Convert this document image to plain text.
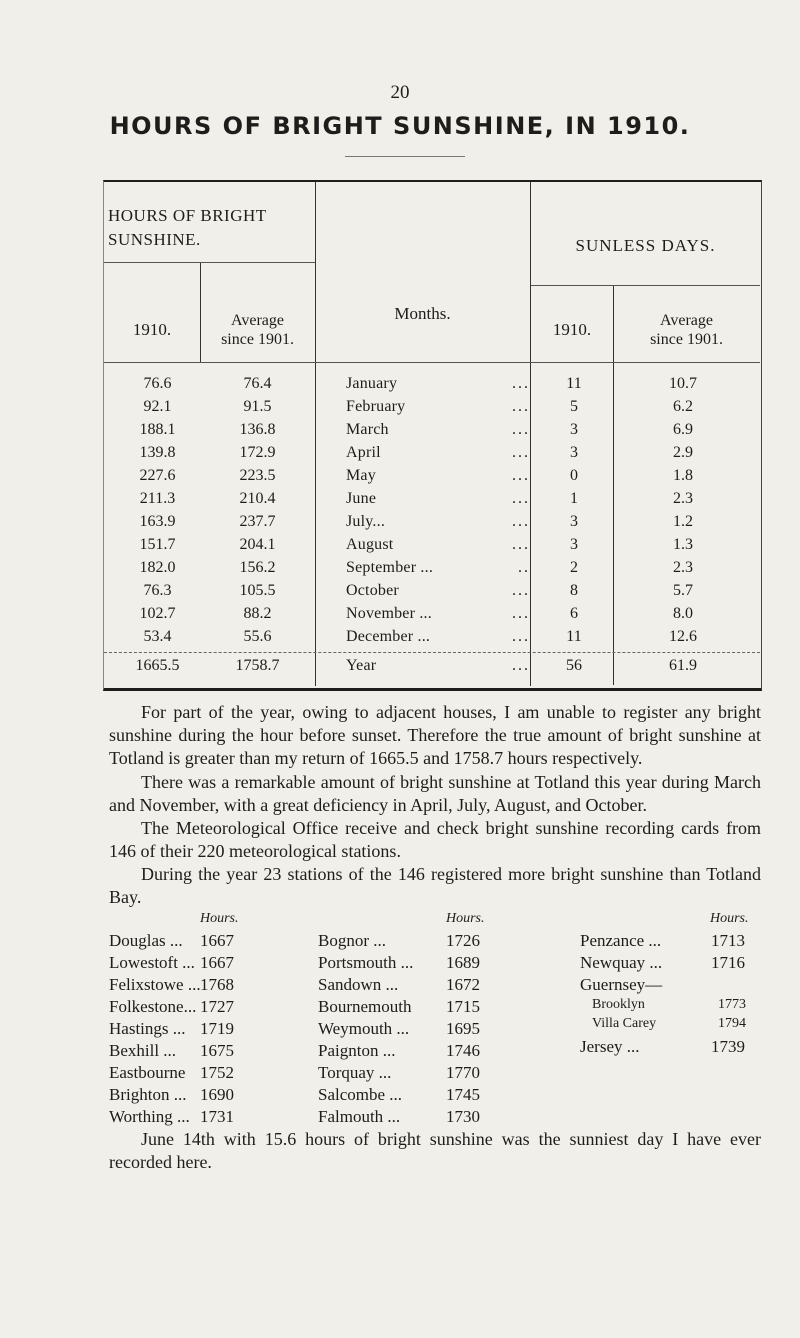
20
HOURS OF BRIGHT SUNSHINE, IN 1910.
HOURS OF BRIGHT SUNSHINE.
Months.
SUNLESS DAYS.
1910.	Average
since 1901.
1910.	Average
since 1901.
76.6	76.4	January	...	11	10.7
92.1	91.5	February	...	5	6.2
188.1	136.8	March	...	3	6.9
139.8	172.9	April	...	3	2.9
227.6	223.5	May	...	0	1.8
211.3	210.4	June	...	1	2.3
163.9	237.7	July...	...	3	1.2
151.7	204.1	August	...	3	1.3
182.0	156.2	September ...	..	2	2.3
76.3	105.5	October	...	8	5.7
102.7	88.2	November ...	...	6	8.0
53.4	55.6	December ...	...	11	12.6
1665.5	1758.7	Year	...	56	61.9

For part of the year, owing to adjacent houses, I am unable to register any bright sunshine during the hour before sunset. Therefore the true amount of bright sunshine at Totland is greater than my return of 1665.5 and 1758.7 hours respectively.

There was a remarkable amount of bright sunshine at Totland this year during March and November, with a great deficiency in April, July, August, and October.

The Meteorological Office receive and check bright sunshine recording cards from 146 of their 220 meteorological stations.

During the year 23 stations of the 146 registered more bright sunshine than Totland Bay.

Hours.	Hours.	Hours.
Douglas ... 1667
Lowestoft ... 1667
Felixstowe ... 1768
Folkestone... 1727
Hastings ... 1719
Bexhill ... 1675
Eastbourne 1752
Brighton ... 1690
Worthing ... 1731
Bognor ...	1726
Portsmouth ... 1689
Sandown ...	1672
Bournemouth 1715
Weymouth ... 1695
Paignton ...	1746
Torquay ...	1770
Salcombe ...	1745
Falmouth ...	1730
Penzance ...	1713
Newquay ...	1716
Guernsey—
Brooklyn	1773
Villa Carey	1794
Jersey ...	1739

June 14th with 15.6 hours of bright sunshine was the sunniest day I have ever recorded here.
